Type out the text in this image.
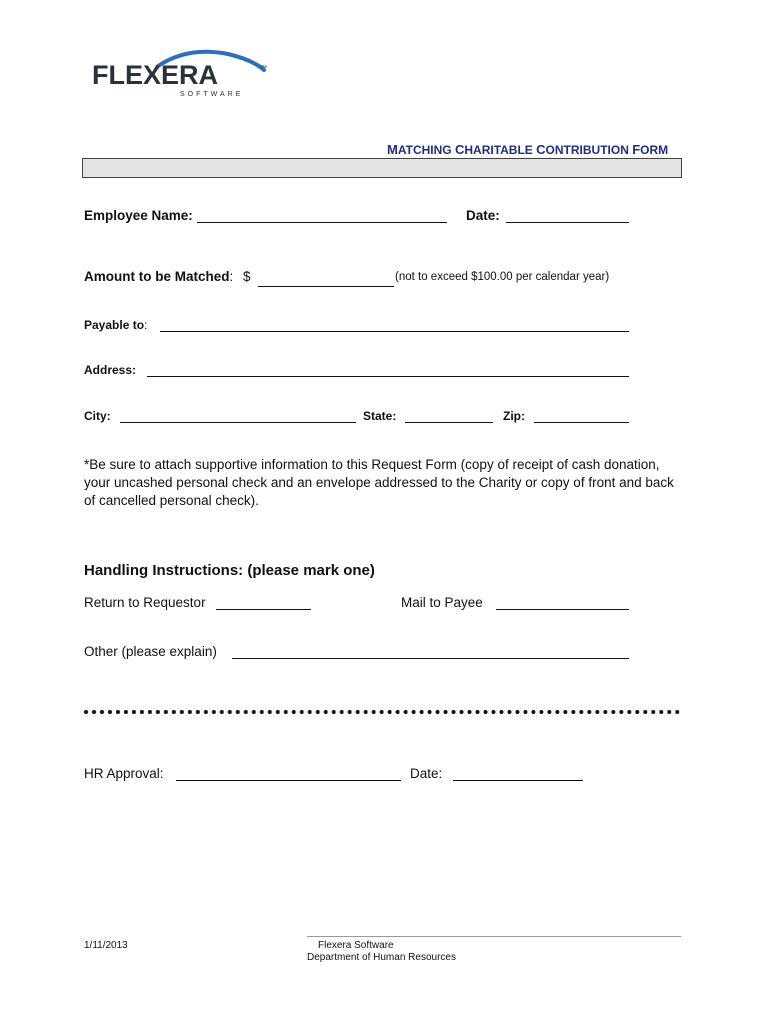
FLEXERA	™
SOFTWARE
MATCHING CHARITABLE CONTRIBUTION FORM
Employee Name:	Date:
Amount to be Matched: $	(not to exceed $100.00 per calendar year)
Payable to:
Address:
City:	State:	Zip:
*Be sure to attach supportive information to this Request Form (copy of receipt of cash donation, your uncashed personal check and an envelope addressed to the Charity or copy of front and back of cancelled personal check).
Handling Instructions: (please mark one)
Return to Requestor	Mail to Payee
Other (please explain)
HR Approval:	Date:
1/11/2013	Flexera Software
Department of Human Resources
